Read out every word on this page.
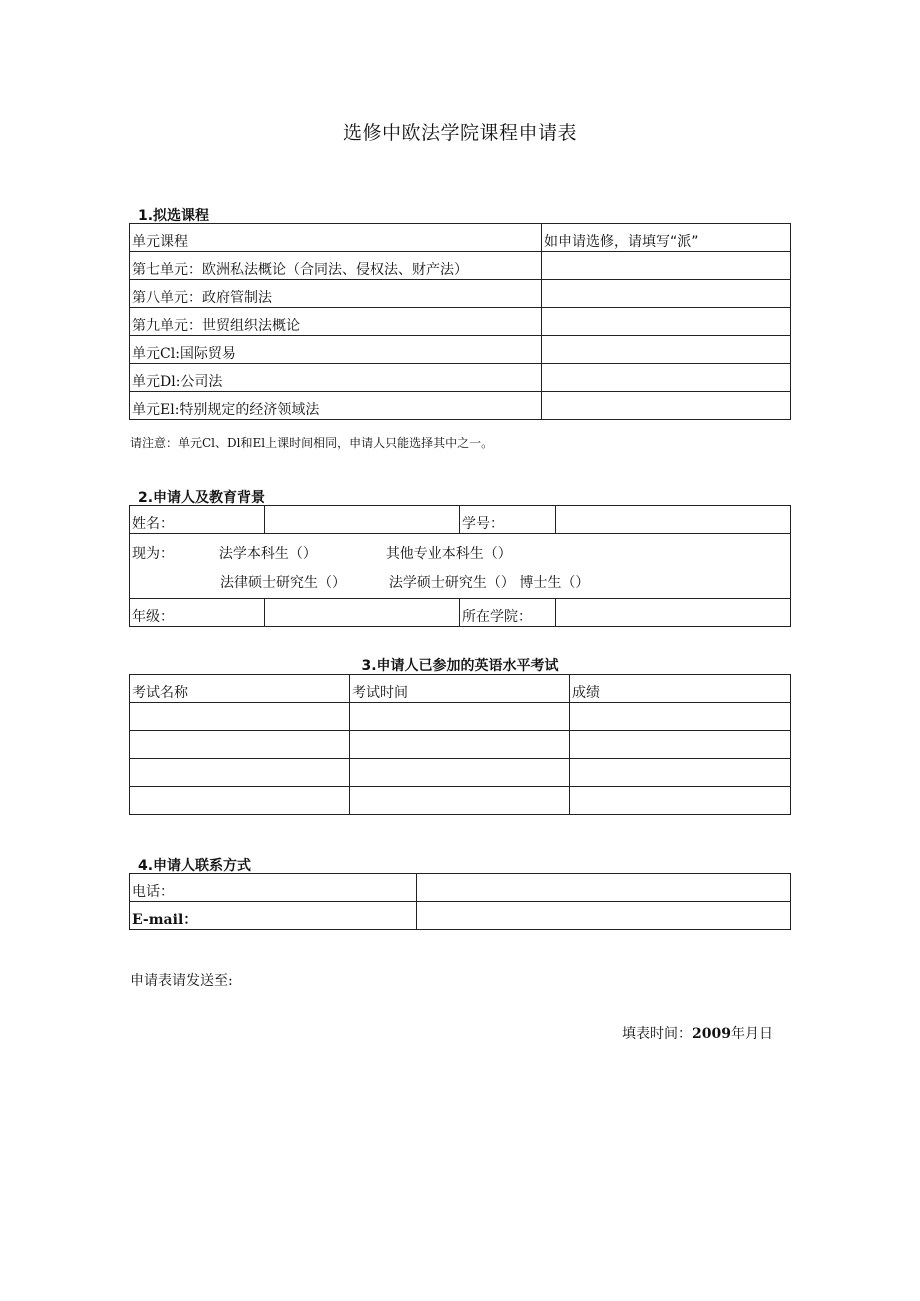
选修中欧法学院课程申请表
1.拟选课程
单元课程	如申请选修，请填写“派”
第七单元：欧洲私法概论（合同法、侵权法、财产法）	
第八单元：政府管制法	
第九单元：世贸组织法概论	
单元Cl:国际贸易	
单元Dl:公司法	
单元El:特别规定的经济领域法	
请注意：单元Cl、Dl和El上课时间相同，申请人只能选择其中之一。
2.申请人及教育背景
姓名：		学号：	

现为： 法学本科生（） 其他专业本科生（）
法律硕士研究生（） 法学硕士研究生（） 博士生（）			

年级：		所在学院：	
3.申请人已参加的英语水平考试
考试名称	考试时间	成绩

4.申请人联系方式
电话：	
E-mail：	
申请表请发送至:
填表时间：2009年月日
